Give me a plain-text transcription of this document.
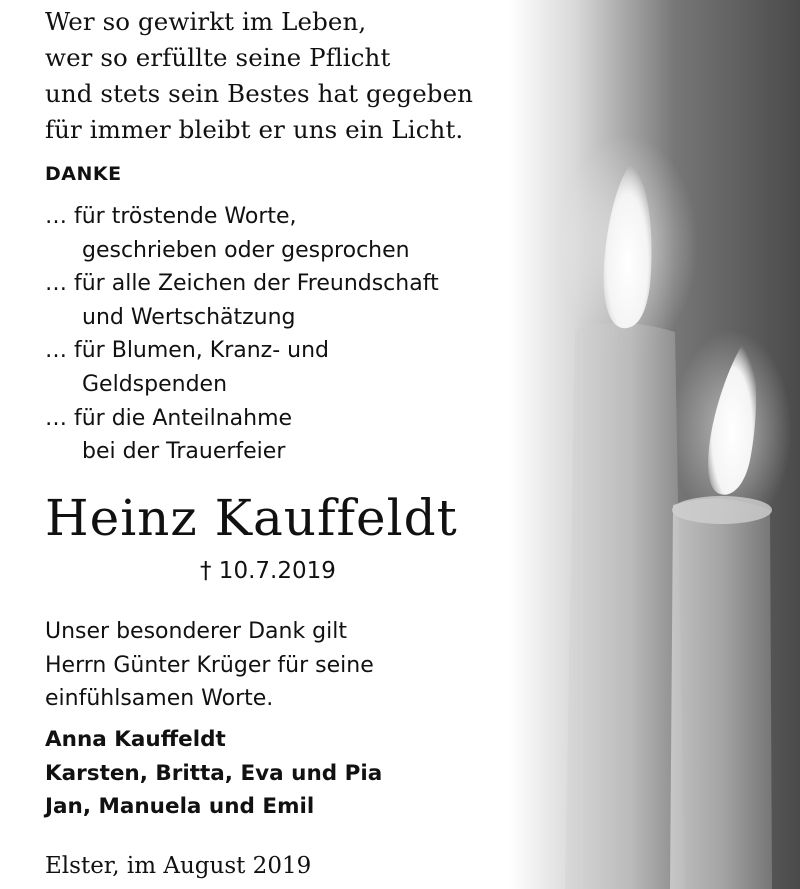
Wer so gewirkt im Leben,
wer so erfüllte seine Pflicht
und stets sein Bestes hat gegeben
für immer bleibt er uns ein Licht.
DANKE
… für tröstende Worte,
geschrieben oder gesprochen
… für alle Zeichen der Freundschaft
und Wertschätzung
… für Blumen, Kranz- und
Geldspenden
… für die Anteilnahme
bei der Trauerfeier
Heinz Kauffeldt
† 10.7.2019
Unser besonderer Dank gilt
Herrn Günter Krüger für seine
einfühlsamen Worte.
Anna Kauffeldt
Karsten, Britta, Eva und Pia
Jan, Manuela und Emil
Elster, im August 2019
